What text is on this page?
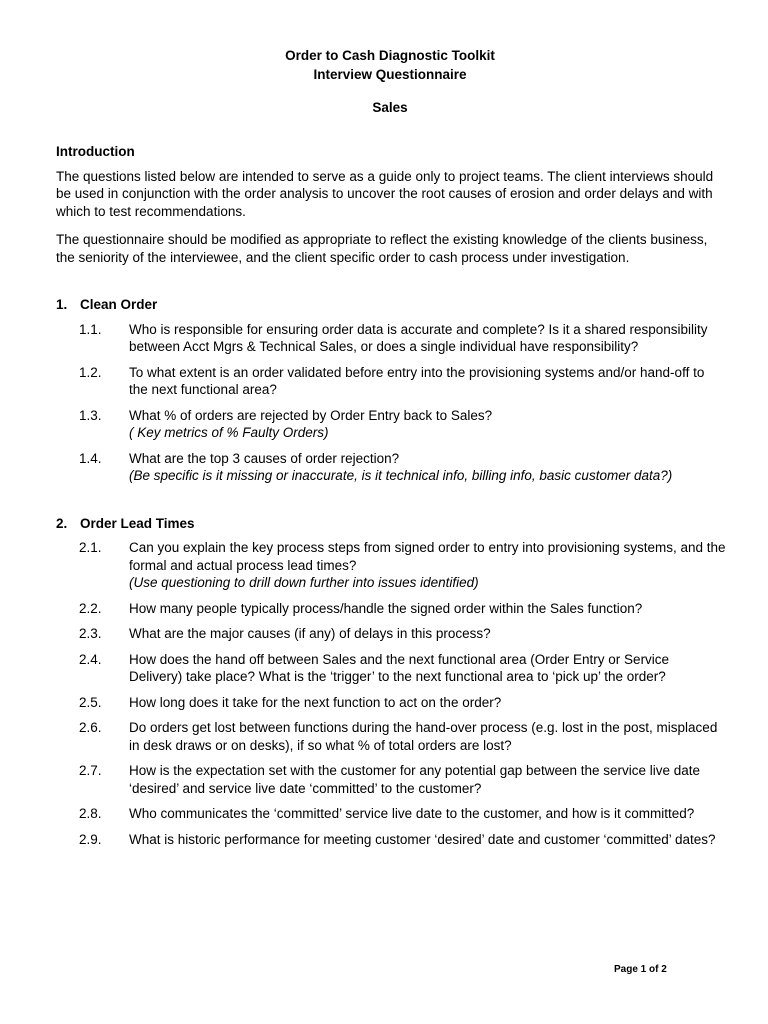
Order to Cash Diagnostic Toolkit
Interview Questionnaire
Sales
Introduction

The questions listed below are intended to serve as a guide only to project teams. The client interviews should be used in conjunction with the order analysis to uncover the root causes of erosion and order delays and with which to test recommendations.

The questionnaire should be modified as appropriate to reflect the existing knowledge of the clients business, the seniority of the interviewee, and the client specific order to cash process under investigation.

1. Clean Order
1.1.	Who is responsible for ensuring order data is accurate and complete? Is it a shared responsibility between Acct Mgrs & Technical Sales, or does a single individual have responsibility?
1.2.	To what extent is an order validated before entry into the provisioning systems and/or hand-off to the next functional area?
1.3.	What % of orders are rejected by Order Entry back to Sales?
( Key metrics of % Faulty Orders)
1.4.	What are the top 3 causes of order rejection?
(Be specific is it missing or inaccurate, is it technical info, billing info, basic customer data?)
2. Order Lead Times
2.1.	Can you explain the key process steps from signed order to entry into provisioning systems, and the formal and actual process lead times?
(Use questioning to drill down further into issues identified)
2.2.	How many people typically process/handle the signed order within the Sales function?
2.3.	What are the major causes (if any) of delays in this process?
2.4.	How does the hand off between Sales and the next functional area (Order Entry or Service Delivery) take place? What is the ‘trigger’ to the next functional area to ‘pick up’ the order?
2.5.	How long does it take for the next function to act on the order?
2.6.	Do orders get lost between functions during the hand-over process (e.g. lost in the post, misplaced in desk draws or on desks), if so what % of total orders are lost?
2.7.	How is the expectation set with the customer for any potential gap between the service live date ‘desired’ and service live date ‘committed’ to the customer?
2.8.	Who communicates the ‘committed’ service live date to the customer, and how is it committed?
2.9.	What is historic performance for meeting customer ‘desired’ date and customer ‘committed’ dates?
Page 1 of 2
